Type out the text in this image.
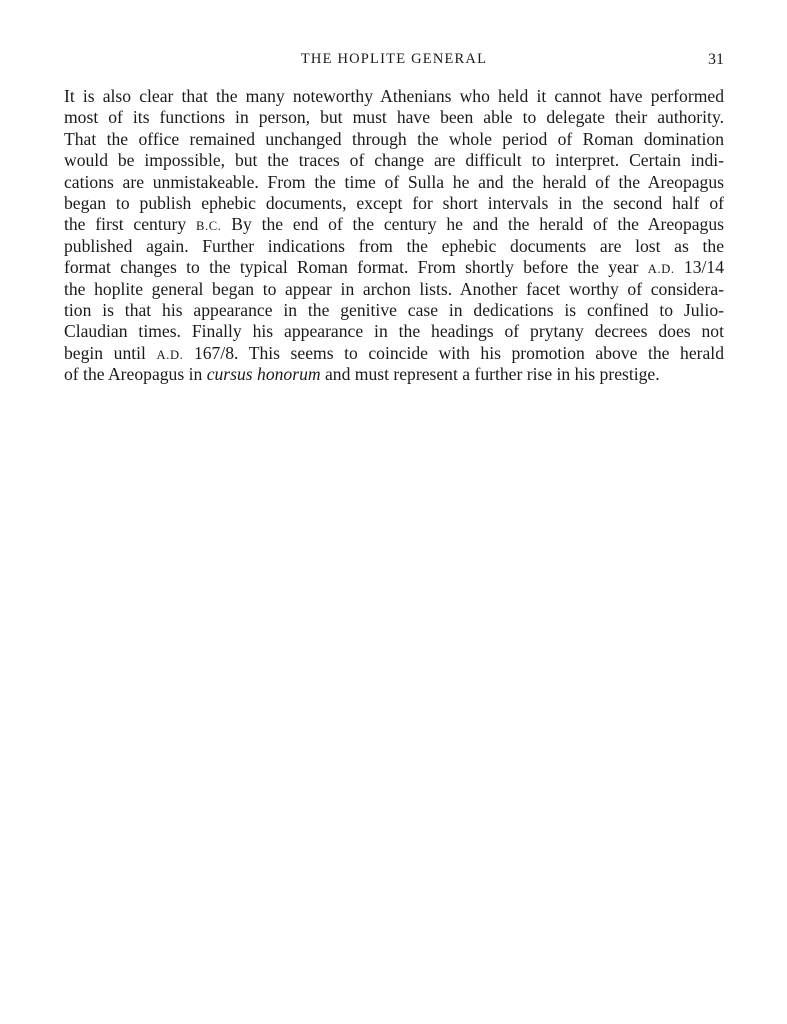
THE HOPLITE GENERAL	31
It is also clear that the many noteworthy Athenians who held it cannot have performed
most of its functions in person, but must have been able to delegate their authority.
That the office remained unchanged through the whole period of Roman domination
would be impossible, but the traces of change are difficult to interpret. Certain indi-
cations are unmistakeable. From the time of Sulla he and the herald of the Areopagus
began to publish ephebic documents, except for short intervals in the second half of
the first century B.C. By the end of the century he and the herald of the Areopagus
published again. Further indications from the ephebic documents are lost as the
format changes to the typical Roman format. From shortly before the year A.D. 13/14
the hoplite general began to appear in archon lists. Another facet worthy of considera-
tion is that his appearance in the genitive case in dedications is confined to Julio-
Claudian times. Finally his appearance in the headings of prytany decrees does not
begin until A.D. 167/8. This seems to coincide with his promotion above the herald
of the Areopagus in cursus honorum and must represent a further rise in his prestige.
